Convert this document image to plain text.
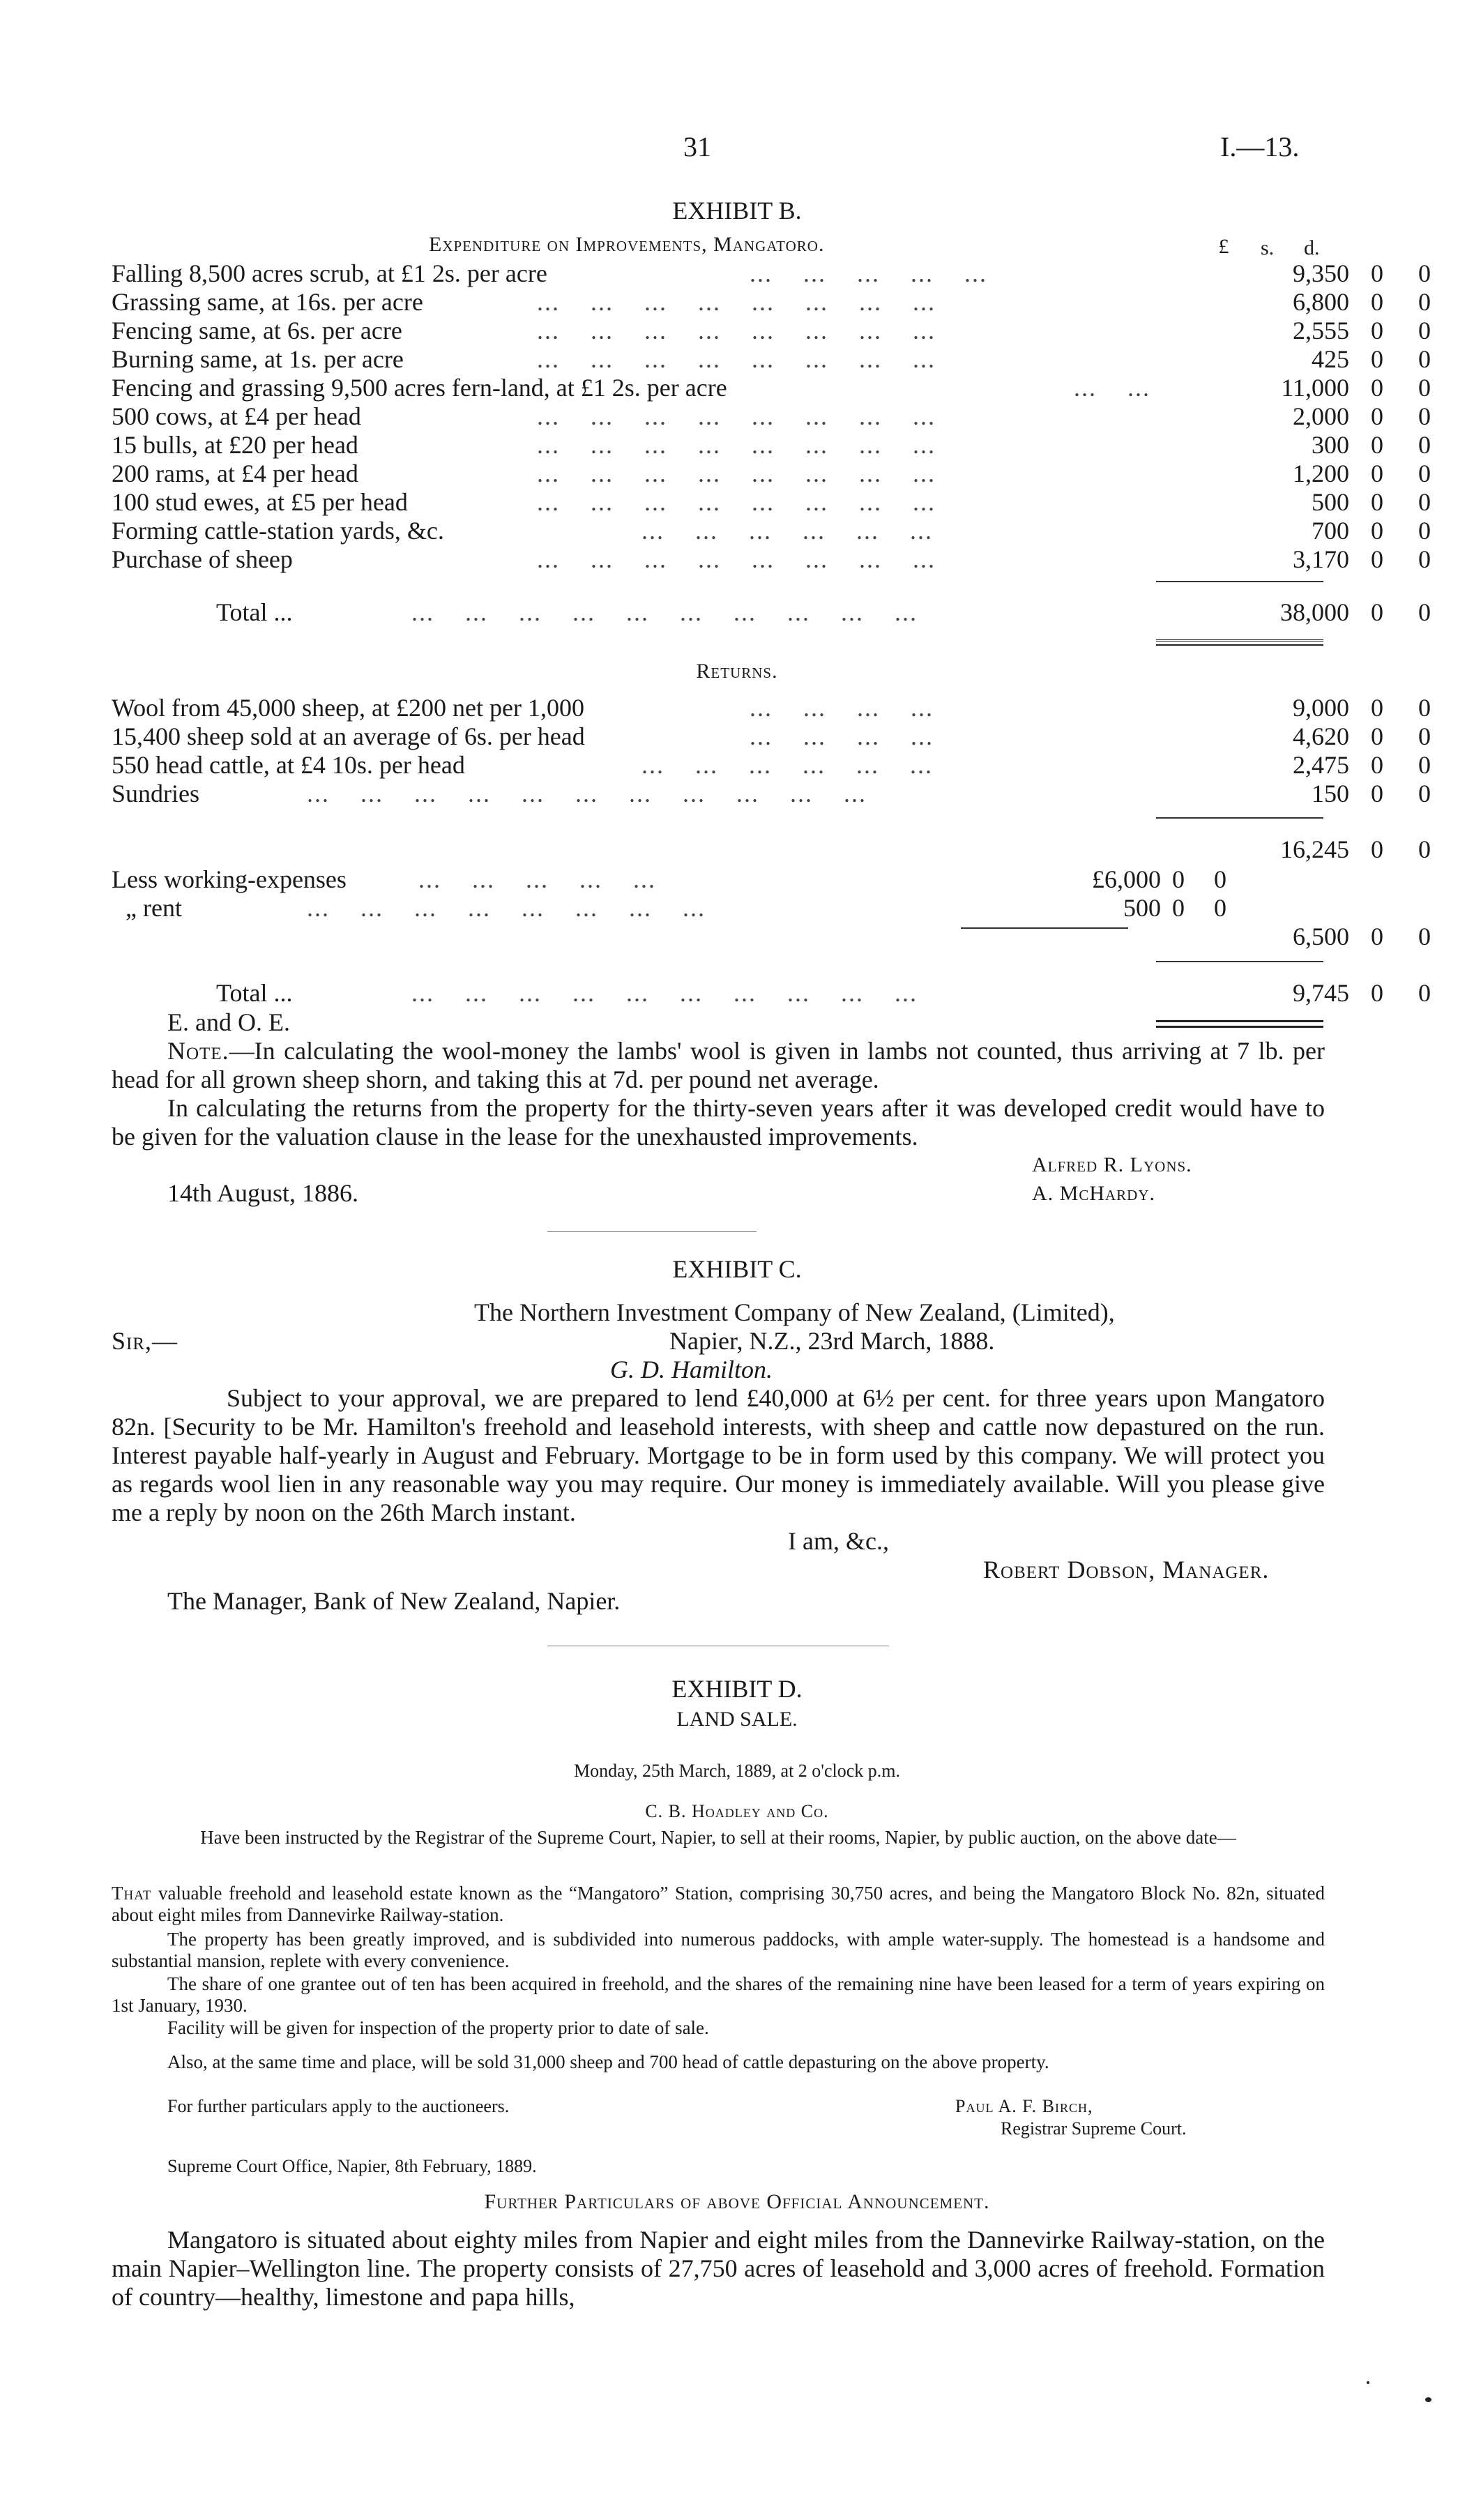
31	I.—13.
EXHIBIT B.
Expenditure on Improvements, Mangatoro.	£	s. d.
Falling 8,500 acres scrub, at £1 2s. per acre	...    ...    ...    ...    ...	9,350 0 0
Grassing same, at 16s. per acre	...    ...    ...    ...    ...    ...    ...    ...	6,800 0 0
Fencing same, at 6s. per acre	...    ...    ...    ...    ...    ...    ...    ...	2,555 0 0
Burning same, at 1s. per acre	...    ...    ...    ...    ...    ...    ...    ...	425 0 0
Fencing and grassing 9,500 acres fern-land, at £1 2s. per acre	...    ...	11,000 0 0
500 cows, at £4 per head	...    ...    ...    ...    ...    ...    ...    ...	2,000 0 0
15 bulls, at £20 per head	...    ...    ...    ...    ...    ...    ...    ...	300 0 0
200 rams, at £4 per head	...    ...    ...    ...    ...    ...    ...    ...	1,200 0 0
100 stud ewes, at £5 per head	...    ...    ...    ...    ...    ...    ...    ...	500 0 0
Forming cattle-station yards, &c.	...    ...    ...    ...    ...    ...	700 0 0
Purchase of sheep	...    ...    ...    ...    ...    ...    ...    ...	3,170 0 0
Total ...	...    ...    ...    ...    ...    ...    ...    ...    ...    ...	38,000 0 0
Returns.
Wool from 45,000 sheep, at £200 net per 1,000	...    ...    ...    ...	9,000 0 0
15,400 sheep sold at an average of 6s. per head	...    ...    ...    ...	4,620 0 0
550 head cattle, at £4 10s. per head	...    ...    ...    ...    ...    ...	2,475 0 0
Sundries	...    ...    ...    ...    ...    ...    ...    ...    ...    ...    ...	150 0 0
16,245 0 0
Less working-expenses	...    ...    ...    ...    ...	£6,000 0 0
„ rent	...    ...    ...    ...    ...    ...    ...    ...	500 0 0
6,500 0 0
Total ...	...    ...    ...    ...    ...    ...    ...    ...    ...    ...	9,745 0 0
E. and O. E.
Note.—In calculating the wool-money the lambs' wool is given in lambs not counted, thus arriving at 7 lb. per head for all grown sheep shorn, and taking this at 7d. per pound net average.
In calculating the returns from the property for the thirty-seven years after it was developed credit would have to be given for the valuation clause in the lease for the unexhausted improvements.
Alfred R. Lyons.
14th August, 1886.	A. McHardy.
EXHIBIT C.
The Northern Investment Company of New Zealand, (Limited),
Sir,—	Napier, N.Z., 23rd March, 1888.
G. D. Hamilton.
Subject to your approval, we are prepared to lend £40,000 at 6½ per cent. for three years upon Mangatoro 82n. [Security to be Mr. Hamilton's freehold and leasehold interests, with sheep and cattle now depastured on the run. Interest payable half-yearly in August and February. Mortgage to be in form used by this company. We will protect you as regards wool lien in any reasonable way you may require. Our money is immediately available. Will you please give me a reply by noon on the 26th March instant.
I am, &c.,
Robert Dobson, Manager.
The Manager, Bank of New Zealand, Napier.
EXHIBIT D.
LAND SALE.
Monday, 25th March, 1889, at 2 o'clock p.m.
C. B. Hoadley and Co.
Have been instructed by the Registrar of the Supreme Court, Napier, to sell at their rooms, Napier, by public auction, on the above date—
That valuable freehold and leasehold estate known as the “Mangatoro” Station, comprising 30,750 acres, and being the Mangatoro Block No. 82n, situated about eight miles from Dannevirke Railway-station.
The property has been greatly improved, and is subdivided into numerous paddocks, with ample water-supply. The homestead is a handsome and substantial mansion, replete with every convenience.
The share of one grantee out of ten has been acquired in freehold, and the shares of the remaining nine have been leased for a term of years expiring on 1st January, 1930.
Facility will be given for inspection of the property prior to date of sale.
Also, at the same time and place, will be sold 31,000 sheep and 700 head of cattle depasturing on the above property.
For further particulars apply to the auctioneers.	Paul A. F. Birch,
Registrar Supreme Court.
Supreme Court Office, Napier, 8th February, 1889.
Further Particulars of above Official Announcement.
Mangatoro is situated about eighty miles from Napier and eight miles from the Dannevirke Railway-station, on the main Napier–Wellington line. The property consists of 27,750 acres of leasehold and 3,000 acres of freehold. Formation of country—healthy, limestone and papa hills,
